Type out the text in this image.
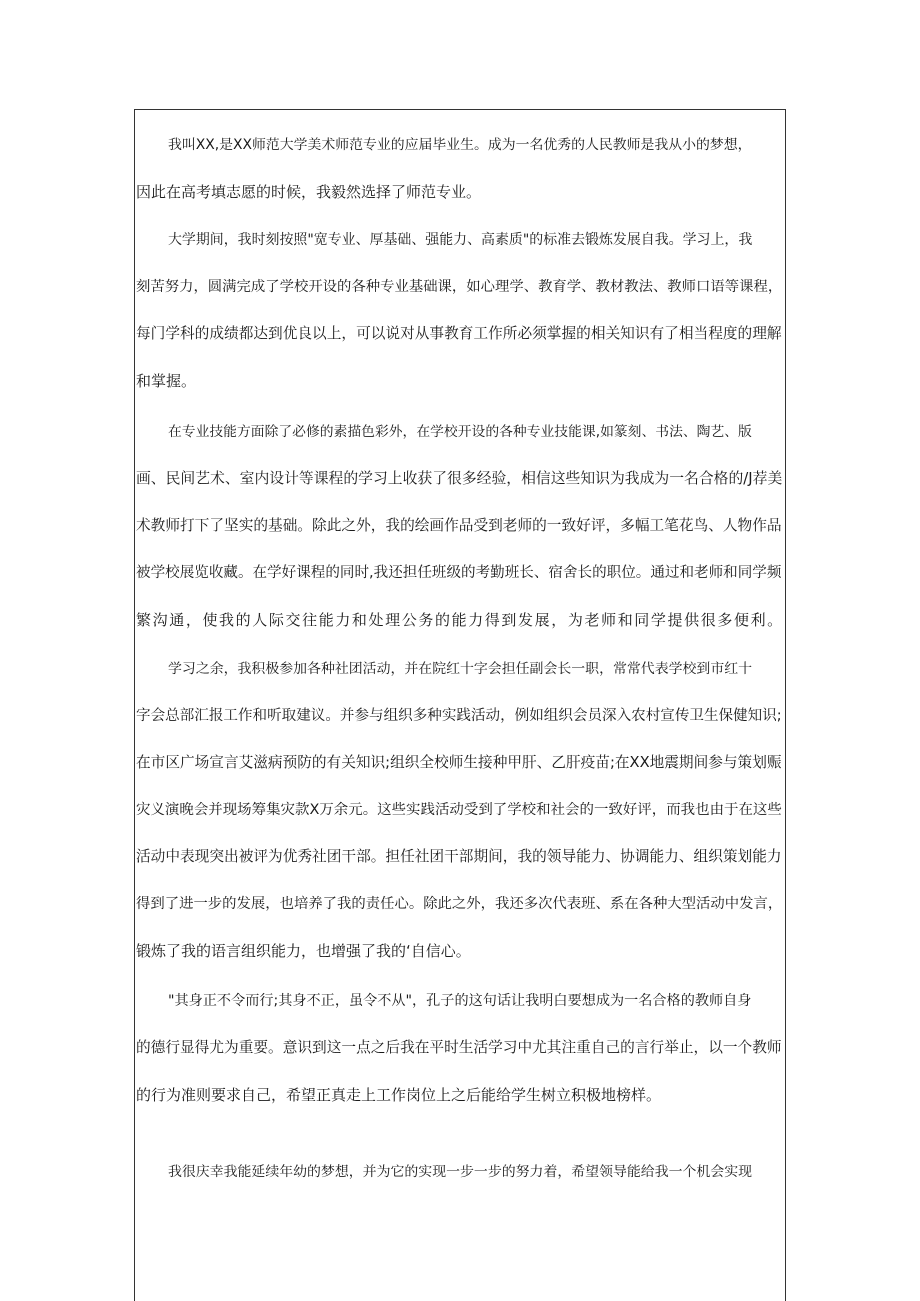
我叫XX,是XX师范大学美术师范专业的应届毕业生。成为一名优秀的人民教师是我从小的梦想，
因此在高考填志愿的时候，我毅然选择了师范专业。
大学期间，我时刻按照"宽专业、厚基础、强能力、高素质"的标准去锻炼发展自我。学习上，我
刻苦努力，圆满完成了学校开设的各种专业基础课，如心理学、教育学、教材教法、教师口语等课程，
每门学科的成绩都达到优良以上，可以说对从事教育工作所必须掌握的相关知识有了相当程度的理解
和掌握。
在专业技能方面除了必修的素描色彩外，在学校开设的各种专业技能课,如篆刻、书法、陶艺、版
画、民间艺术、室内设计等课程的学习上收获了很多经验，相信这些知识为我成为一名合格的/J荐美
术教师打下了坚实的基础。除此之外，我的绘画作品受到老师的一致好评，多幅工笔花鸟、人物作品
被学校展览收藏。在学好课程的同时,我还担任班级的考勤班长、宿舍长的职位。通过和老师和同学频
繁沟通，使我的人际交往能力和处理公务的能力得到发展，为老师和同学提供很多便利。
学习之余，我积极参加各种社团活动，并在院红十字会担任副会长一职，常常代表学校到市红十
字会总部汇报工作和听取建议。并参与组织多种实践活动，例如组织会员深入农村宣传卫生保健知识;
在市区广场宣言艾滋病预防的有关知识;组织全校师生接种甲肝、乙肝疫苗;在XX地震期间参与策划赈
灾义演晚会并现场筹集灾款X万余元。这些实践活动受到了学校和社会的一致好评，而我也由于在这些
活动中表现突出被评为优秀社团干部。担任社团干部期间，我的领导能力、协调能力、组织策划能力
得到了进一步的发展，也培养了我的责任心。除此之外，我还多次代表班、系在各种大型活动中发言，
锻炼了我的语言组织能力，也增强了我的‘自信心。
"其身正不令而行;其身不正，虽令不从"，孔子的这句话让我明白要想成为一名合格的教师自身
的德行显得尤为重要。意识到这一点之后我在平时生活学习中尤其注重自己的言行举止，以一个教师
的行为准则要求自己，希望正真走上工作岗位上之后能给学生树立积极地榜样。
我很庆幸我能延续年幼的梦想，并为它的实现一步一步的努力着，希望领导能给我一个机会实现
